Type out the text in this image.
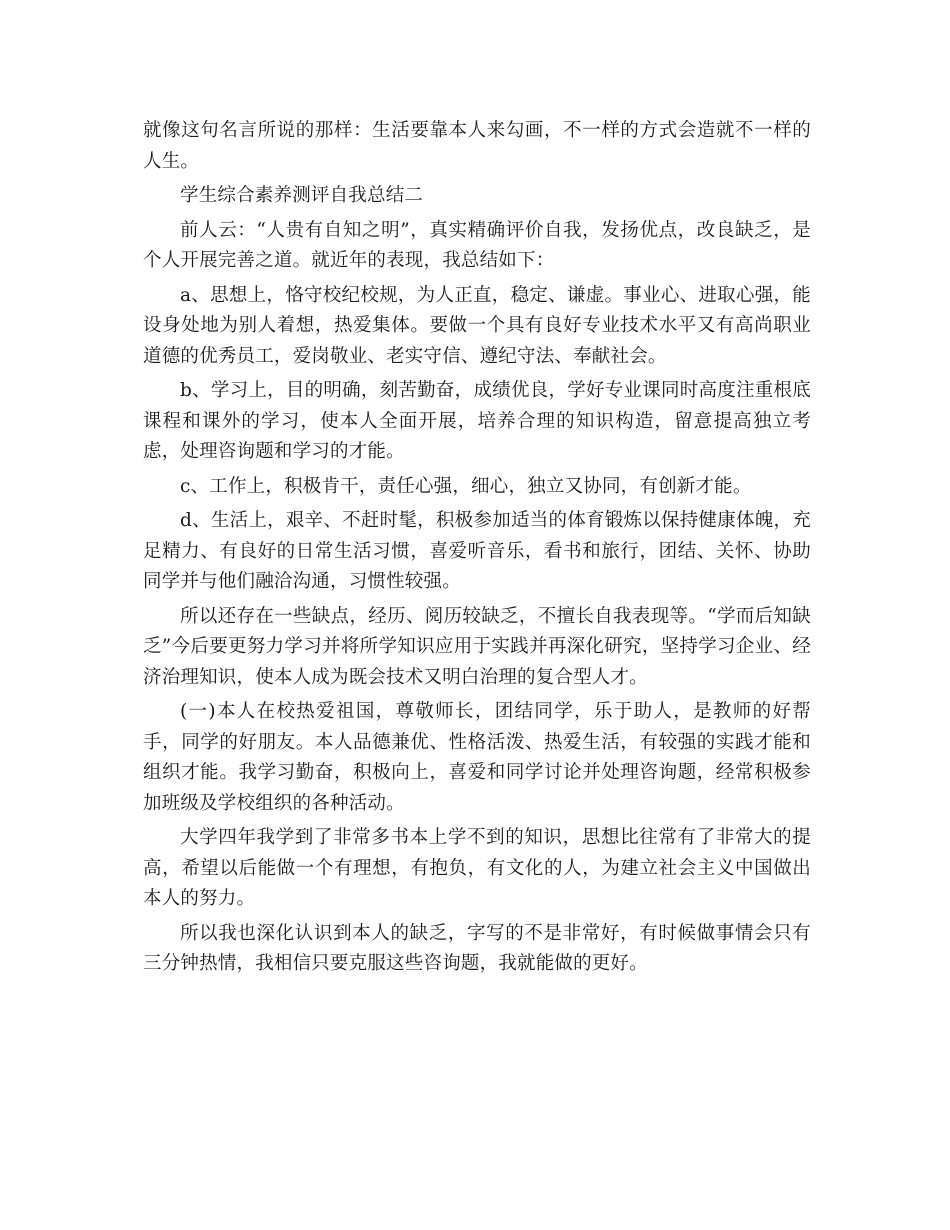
就像这句名言所说的那样：生活要靠本人来勾画，不一样的方式会造就不一样的人生。

学生综合素养测评自我总结二

前人云：“人贵有自知之明”，真实精确评价自我，发扬优点，改良缺乏，是个人开展完善之道。就近年的表现，我总结如下：

a、思想上，恪守校纪校规，为人正直，稳定、谦虚。事业心、进取心强，能设身处地为别人着想，热爱集体。要做一个具有良好专业技术水平又有高尚职业道德的优秀员工，爱岗敬业、老实守信、遵纪守法、奉献社会。

b、学习上，目的明确，刻苦勤奋，成绩优良，学好专业课同时高度注重根底课程和课外的学习，使本人全面开展，培养合理的知识构造，留意提高独立考虑，处理咨询题和学习的才能。

c、工作上，积极肯干，责任心强，细心，独立又协同，有创新才能。

d、生活上，艰辛、不赶时髦，积极参加适当的体育锻炼以保持健康体魄，充足精力、有良好的日常生活习惯，喜爱听音乐，看书和旅行，团结、关怀、协助同学并与他们融洽沟通，习惯性较强。

所以还存在一些缺点，经历、阅历较缺乏，不擅长自我表现等。“学而后知缺乏”今后要更努力学习并将所学知识应用于实践并再深化研究，坚持学习企业、经济治理知识，使本人成为既会技术又明白治理的复合型人才。

(一)本人在校热爱祖国，尊敬师长，团结同学，乐于助人，是教师的好帮手，同学的好朋友。本人品德兼优、性格活泼、热爱生活，有较强的实践才能和组织才能。我学习勤奋，积极向上，喜爱和同学讨论并处理咨询题，经常积极参加班级及学校组织的各种活动。

大学四年我学到了非常多书本上学不到的知识，思想比往常有了非常大的提高，希望以后能做一个有理想，有抱负，有文化的人，为建立社会主义中国做出本人的努力。

所以我也深化认识到本人的缺乏，字写的不是非常好，有时候做事情会只有三分钟热情，我相信只要克服这些咨询题，我就能做的更好。
